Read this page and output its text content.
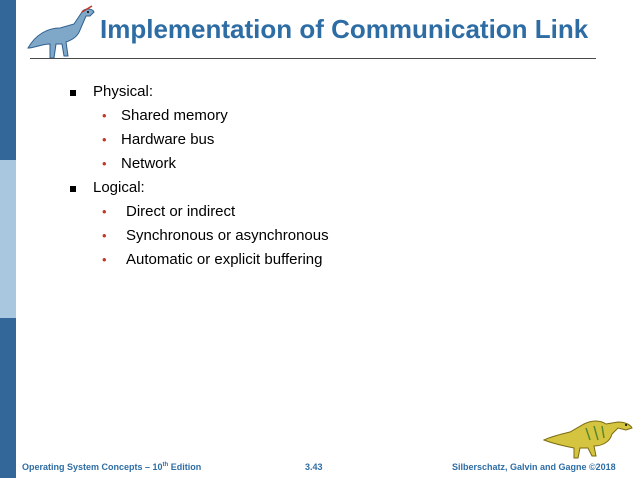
Implementation of Communication Link
Physical:
• Shared memory
• Hardware bus
• Network
Logical:
• Direct or indirect
• Synchronous or asynchronous
• Automatic or explicit buffering
Operating System Concepts – 10th Edition	3.43	Silberschatz, Galvin and Gagne ©2018
